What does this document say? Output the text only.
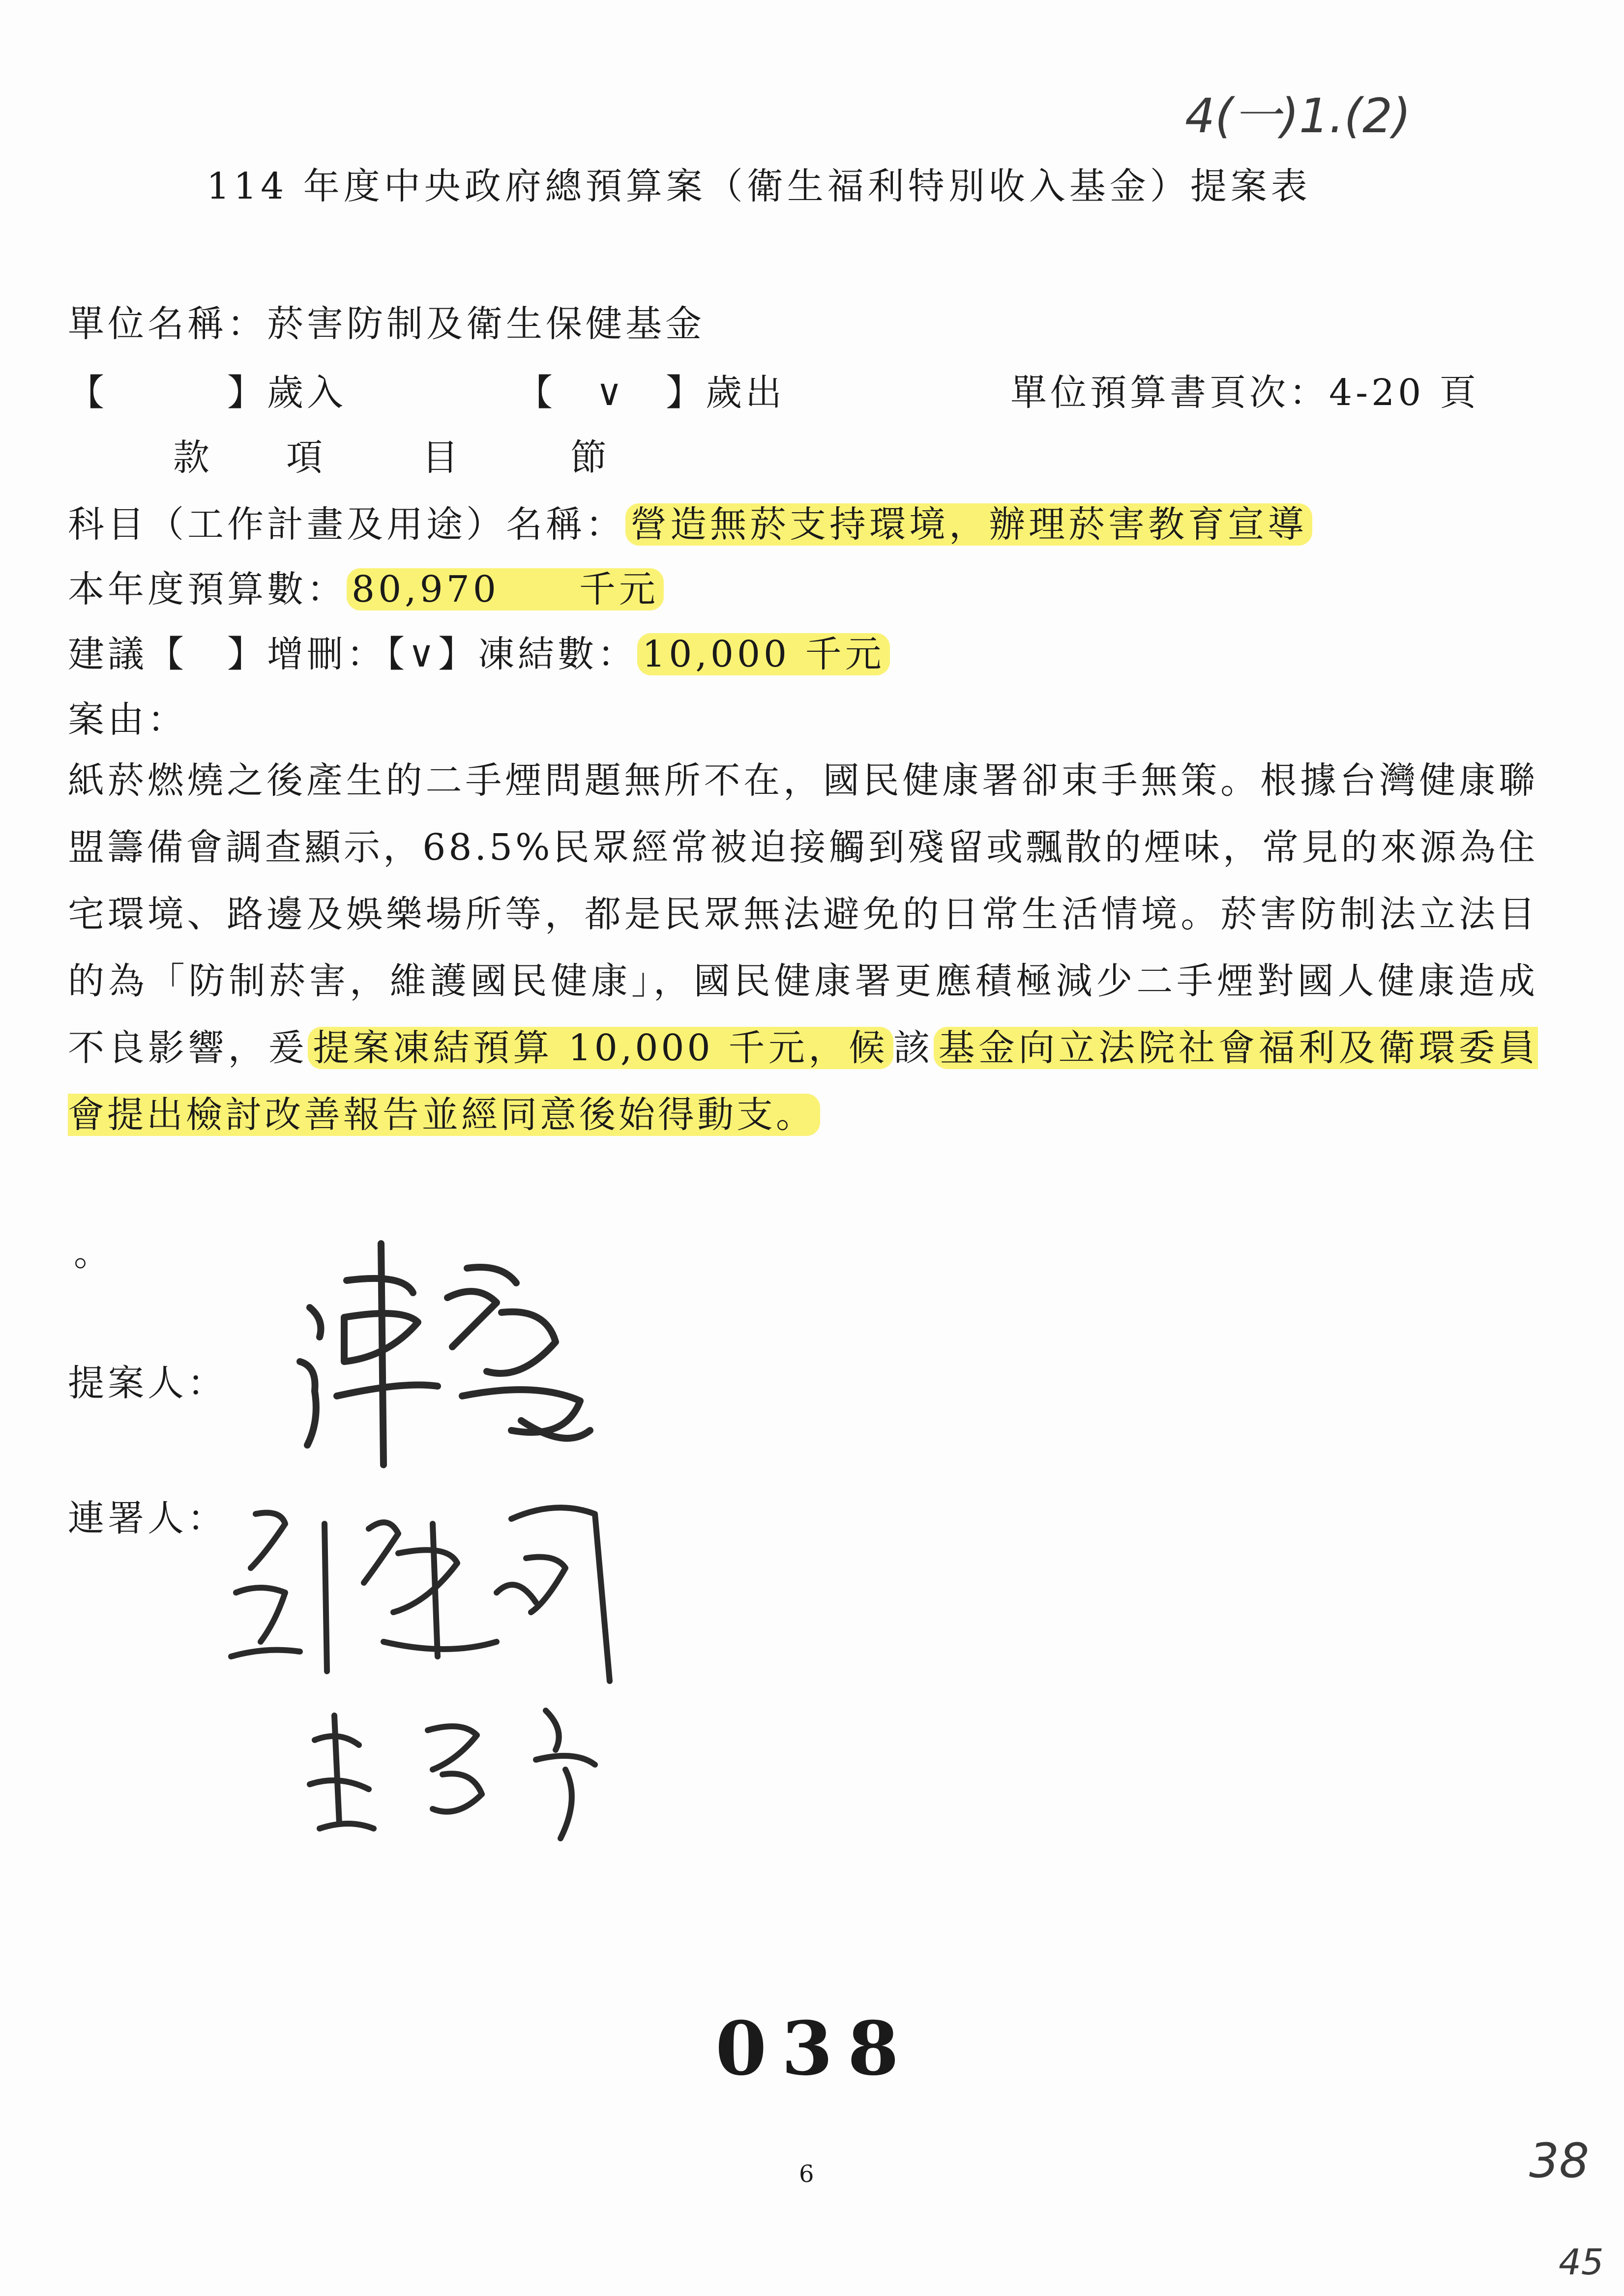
4(一)1.(2)
114 年度中央政府總預算案（衛生福利特別收入基金）提案表
單位名稱：菸害防制及衛生保健基金
【　　　】歲入	【　∨　】歲出	單位預算書頁次：4-20 頁
款 項	目	節
科目（工作計畫及用途）名稱： 營造無菸支持環境，辦理菸害教育宣導
本年度預算數： 80,970　　千元
建議【　】增刪：【∨】凍結數： 10,000 千元
案由：
紙菸燃燒之後產生的二手煙問題無所不在，國民健康署卻束手無策。根據台灣健康聯盟籌備會調查顯示，68.5%民眾經常被迫接觸到殘留或飄散的煙味，常見的來源為住宅環境、路邊及娛樂場所等，都是民眾無法避免的日常生活情境。菸害防制法立法目的為「防制菸害，維護國民健康」，國民健康署更應積極減少二手煙對國人健康造成不良影響，爰 提案凍結預算 10,000 千元，候 該 基金向立法院社會福利及衛環委員會提出檢討改善報告並經同意後始得動支。
。
提案人：
連署人：
038
6	38
45
